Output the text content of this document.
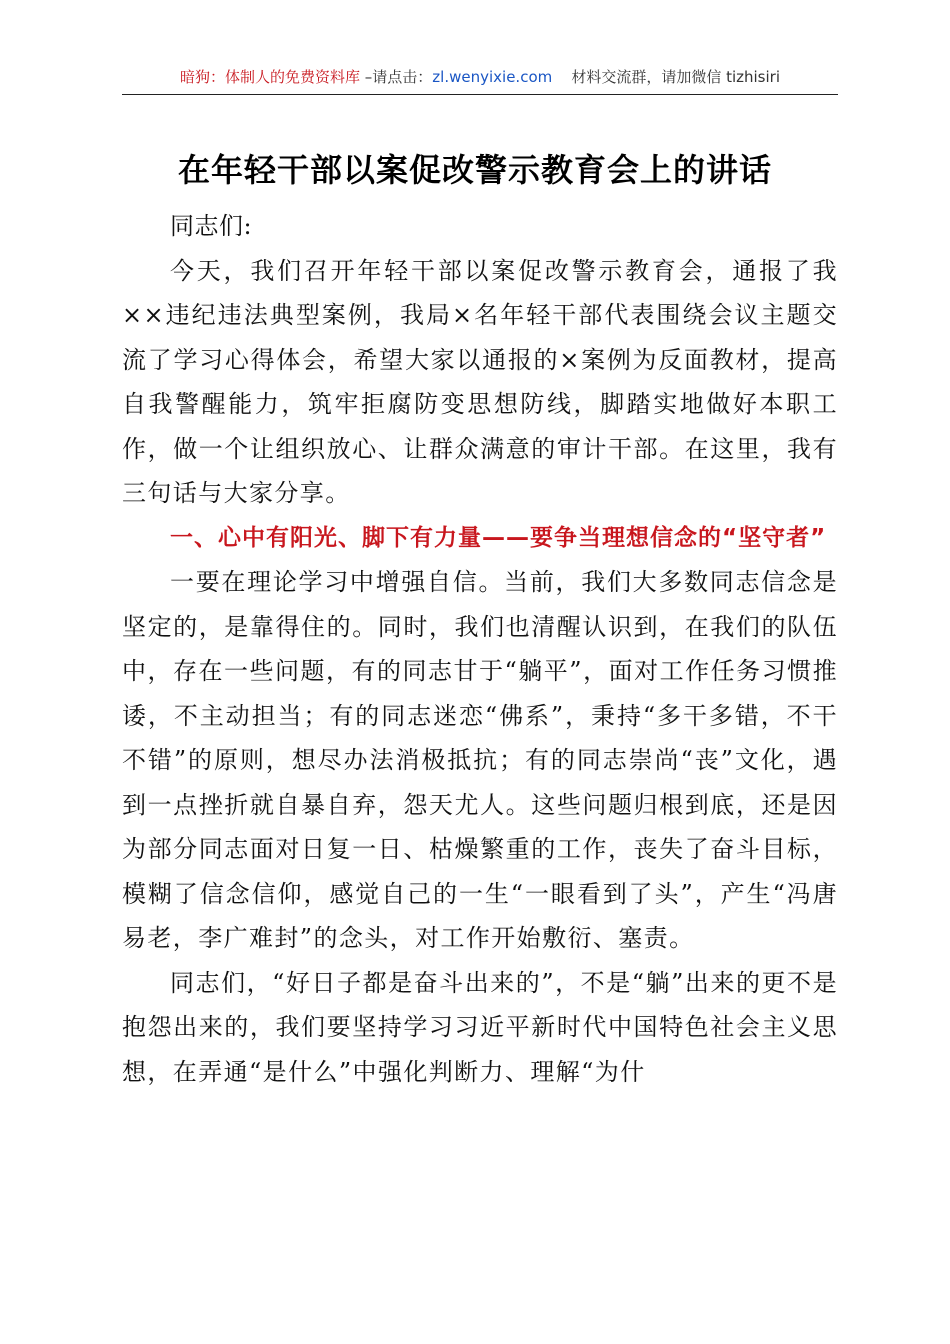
暗狗：体制人的免费资料库 –请点击：zl.wenyixie.com 材料交流群，请加微信 tizhisiri
在年轻干部以案促改警示教育会上的讲话

同志们:

今天，我们召开年轻干部以案促改警示教育会，通报了我××违纪违法典型案例，我局×名年轻干部代表围绕会议主题交流了学习心得体会，希望大家以通报的×案例为反面教材，提高自我警醒能力，筑牢拒腐防变思想防线，脚踏实地做好本职工作，做一个让组织放心、让群众满意的审计干部。在这里，我有三句话与大家分享。

一、心中有阳光、脚下有力量——要争当理想信念的“坚守者”

一要在理论学习中增强自信。当前，我们大多数同志信念是坚定的，是靠得住的。同时，我们也清醒认识到，在我们的队伍中，存在一些问题，有的同志甘于“躺平”，面对工作任务习惯推诿，不主动担当；有的同志迷恋“佛系”，秉持“多干多错，不干不错”的原则，想尽办法消极抵抗；有的同志崇尚“丧”文化，遇到一点挫折就自暴自弃，怨天尤人。这些问题归根到底，还是因为部分同志面对日复一日、枯燥繁重的工作，丧失了奋斗目标，模糊了信念信仰，感觉自己的一生“一眼看到了头”，产生“冯唐易老，李广难封”的念头，对工作开始敷衍、塞责。

同志们，“好日子都是奋斗出来的”，不是“躺”出来的更不是抱怨出来的，我们要坚持学习习近平新时代中国特色社会主义思想，在弄通“是什么”中强化判断力、理解“为什
